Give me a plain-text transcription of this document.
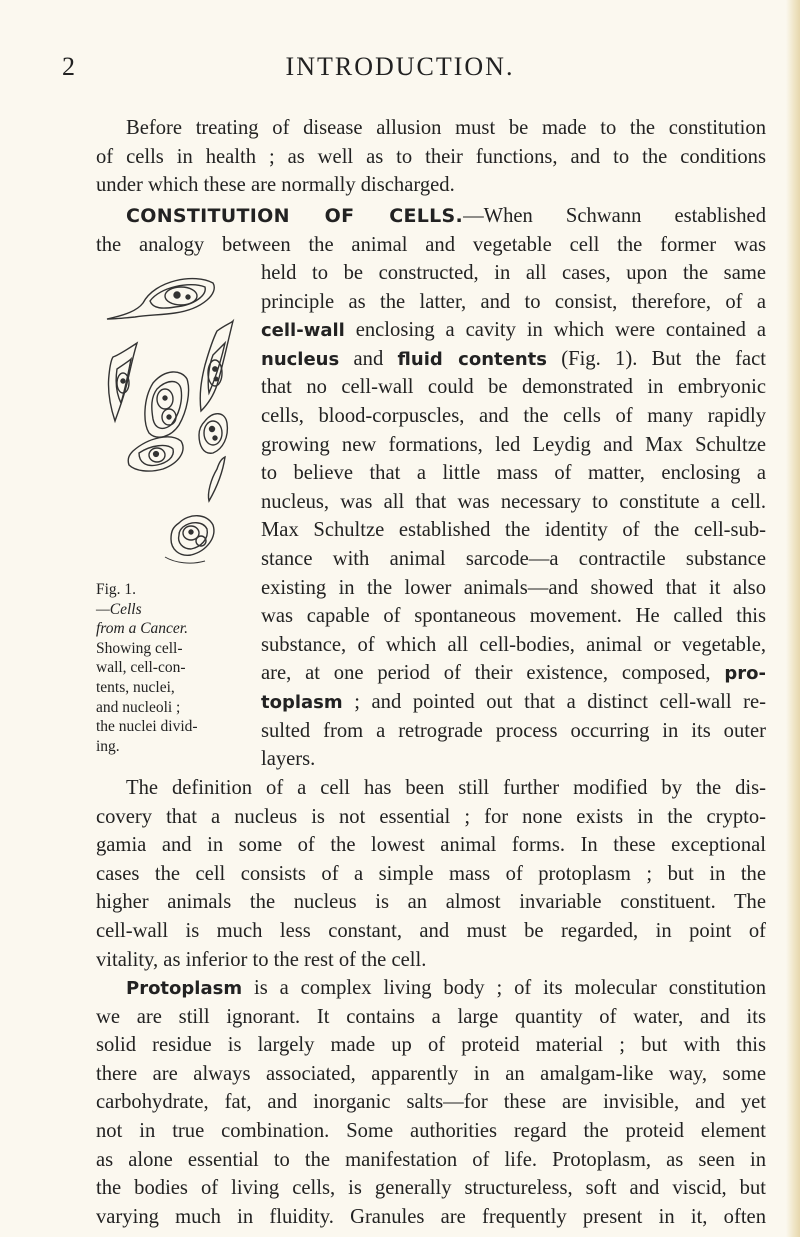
2	INTRODUCTION.
Before treating of disease allusion must be made to the constitution
of cells in health ; as well as to their functions, and to the conditions
under which these are normally discharged.
CONSTITUTION OF CELLS.—When Schwann established
the analogy between the animal and vegetable cell the former was
Fig. 1.
—Cells
from a Cancer.
Showing cell-
wall, cell-con-
tents, nuclei,
and nucleoli ;
the nuclei divid-
ing.
held to be constructed, in all cases, upon the same
principle as the latter, and to consist, therefore, of a
cell-wall enclosing a cavity in which were contained a
nucleus and fluid contents (Fig. 1). But the fact
that no cell-wall could be demonstrated in embryonic
cells, blood-corpuscles, and the cells of many rapidly
growing new formations, led Leydig and Max Schultze
to believe that a little mass of matter, enclosing a
nucleus, was all that was necessary to constitute a cell.
Max Schultze established the identity of the cell-sub-
stance with animal sarcode—a contractile substance
existing in the lower animals—and showed that it also
was capable of spontaneous movement. He called this
substance, of which all cell-bodies, animal or vegetable,
are, at one period of their existence, composed, pro-
toplasm ; and pointed out that a distinct cell-wall re-
sulted from a retrograde process occurring in its outer
layers.
The definition of a cell has been still further modified by the dis-
covery that a nucleus is not essential ; for none exists in the crypto-
gamia and in some of the lowest animal forms. In these exceptional
cases the cell consists of a simple mass of protoplasm ; but in the
higher animals the nucleus is an almost invariable constituent. The
cell-wall is much less constant, and must be regarded, in point of
vitality, as inferior to the rest of the cell.
Protoplasm is a complex living body ; of its molecular constitution
we are still ignorant. It contains a large quantity of water, and its
solid residue is largely made up of proteid material ; but with this
there are always associated, apparently in an amalgam-like way, some
carbohydrate, fat, and inorganic salts—for these are invisible, and yet
not in true combination. Some authorities regard the proteid element
as alone essential to the manifestation of life. Protoplasm, as seen in
the bodies of living cells, is generally structureless, soft and viscid, but
varying much in fluidity. Granules are frequently present in it, often
